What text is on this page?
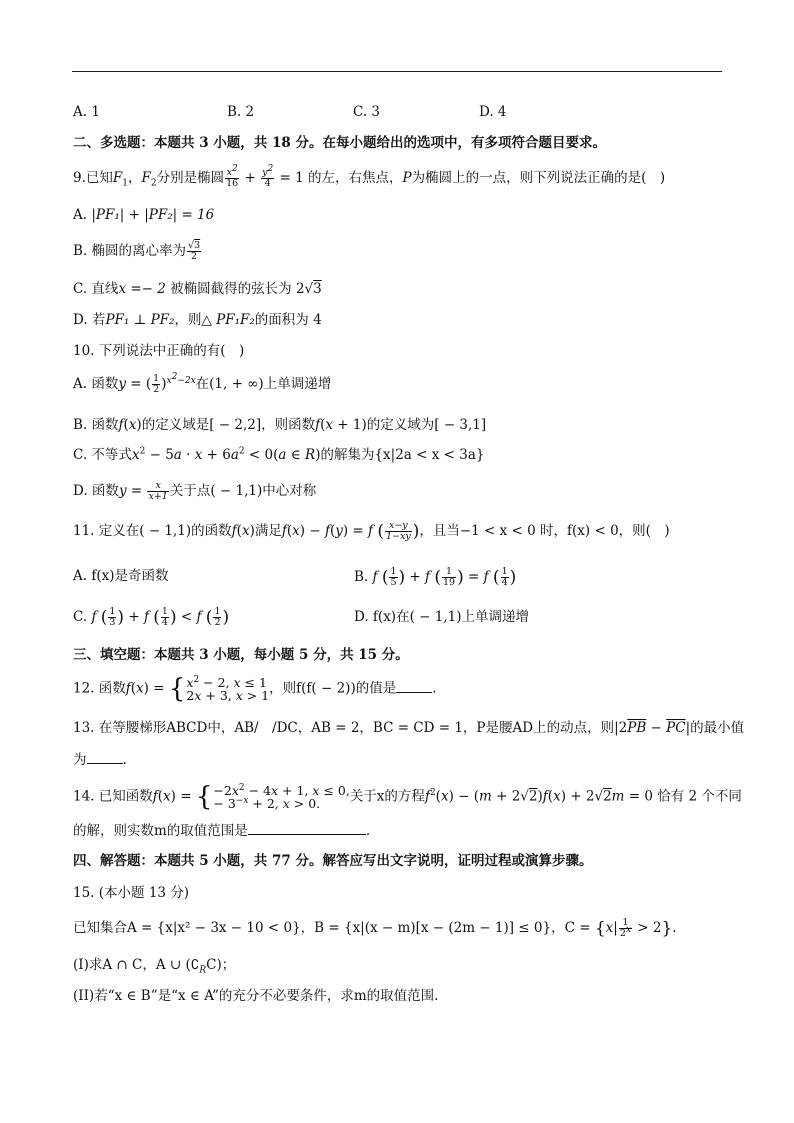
A. 1	B. 2	C. 3	D. 4
二、多选题：本题共 3 小题，共 18 分。在每小题给出的选项中，有多项符合题目要求。
9.已知$F_1$，$F_2$分别是椭圆 $\frac{x^2}{16} + \frac{y^2}{4} = 1$ 的左，右焦点，P为椭圆上的一点，则下列说法正确的是(　)
A. |PF₁| + |PF₂| = 16
B. 椭圆的离心率为 $\frac{√3}{2}$
C. 直线x =− 2 被椭圆截得的弦长为 2√3
D. 若PF₁ ⊥ PF₂，则△ PF₁F₂的面积为 4
10. 下列说法中正确的有(　)
A. 函数y = ( $\frac{1}{2} )^{x^2-2x}$在(1, + ∞)上单调递增
B. 函数f(x)的定义域是[ − 2,2]，则函数f(x + 1)的定义域为[ − 3,1]
C. 不等式$x^2 - 5a \cdot x + 6a^2 < 0(a$ ∈ R)的解集为{x|2a < x < 3a}
D. 函数$y = \frac{x}{x+1}$ 关于点( − 1,1)中心对称
11. 定义在( − 1,1)的函数f(x)满足f(x) − f(y) = f ( $\frac{x-y}{1-xy}$ )，且当−1 < x < 0 时，f(x) < 0，则(　)
A. f(x)是奇函数	B. f ( $\frac{1}{5}$ ) + f ( $\frac{1}{19}$ ) = f ( $\frac{1}{4}$ )
C. f ( $\frac{1}{3}$ ) + f ( $\frac{1}{4}$ ) < f ( $\frac{1}{2}$ )	D. f(x)在( − 1,1)上单调递增
三、填空题：本题共 3 小题，每小题 5 分，共 15 分。
12. 函数$f(x) = \{x^2 - 2$, x ≤ 1
2x + 3, x > 1，则f(f( − 2))的值是	.
13. 在等腰梯形ABCD中，AB/　/DC，AB = 2，BC = CD = 1，P是腰AD上的动点，则$|2\overline{PB} - \overline{PC}|$的最小值
为	.
14. 已知函数$f(x) = \{-2x^2 - 4x + 1$, x ≤ 0,
− $3^{-x} + 2$, x > 0. 关于x的方程$f^2(x) - (m + 2√2)f(x) + 2√2m = 0$ 恰有 2 个不同
的解，则实数m的取值范围是	.
四、解答题：本题共 5 小题，共 77 分。解答应写出文字说明，证明过程或演算步骤。
15. (本小题 13 分)
已知集合A = {x|x² − 3x − 10 < 0}，B = {x|(x − m)[x − (2m − 1)] ≤ 0}，$C = \{x| \frac{1}{2^x} > 2\}$.
(I)求A ∩ C，A ∪ $(∁_RC)$；
(II)若“x ∈ B”是“x ∈ A”的充分不必要条件，求m的取值范围.
